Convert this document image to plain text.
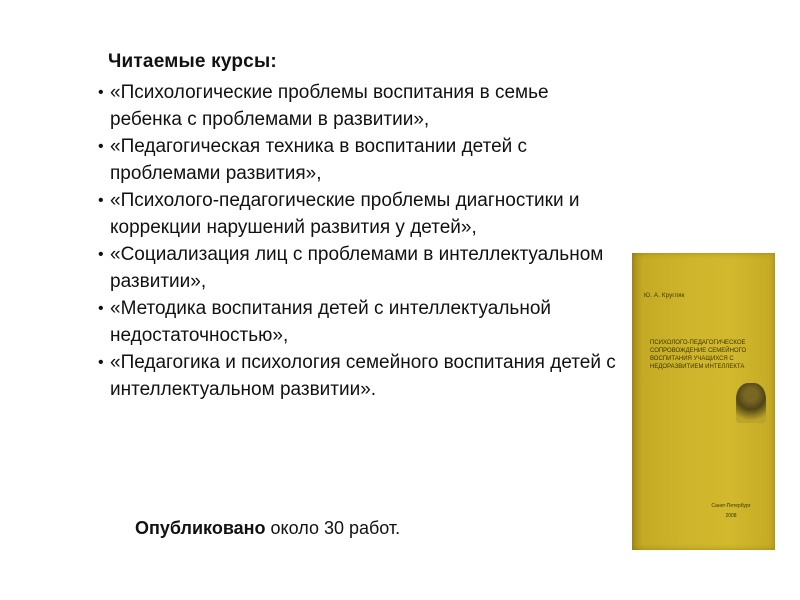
Читаемые курсы:
• «Психологические проблемы воспитания в семье ребенка с проблемами в развитии»,
• «Педагогическая техника в воспитании детей с проблемами развития»,
• «Психолого-педагогические проблемы диагностики и коррекции нарушений развития у детей»,
• «Социализация лиц с проблемами в интеллектуальном развитии»,
• «Методика воспитания детей с интеллектуальной недостаточностью»,
• «Педагогика и психология семейного воспитания детей с интеллектуальном развитии».
Опубликовано около 30 работ.
Ю. А. Кругляк
ПСИХОЛОГО-ПЕДАГОГИЧЕСКОЕ СОПРОВОЖДЕНИЕ СЕМЕЙНОГО ВОСПИТАНИЯ УЧАЩИХСЯ С НЕДОРАЗВИТИЕМ ИНТЕЛЛЕКТА
Санкт-Петербург
2008
